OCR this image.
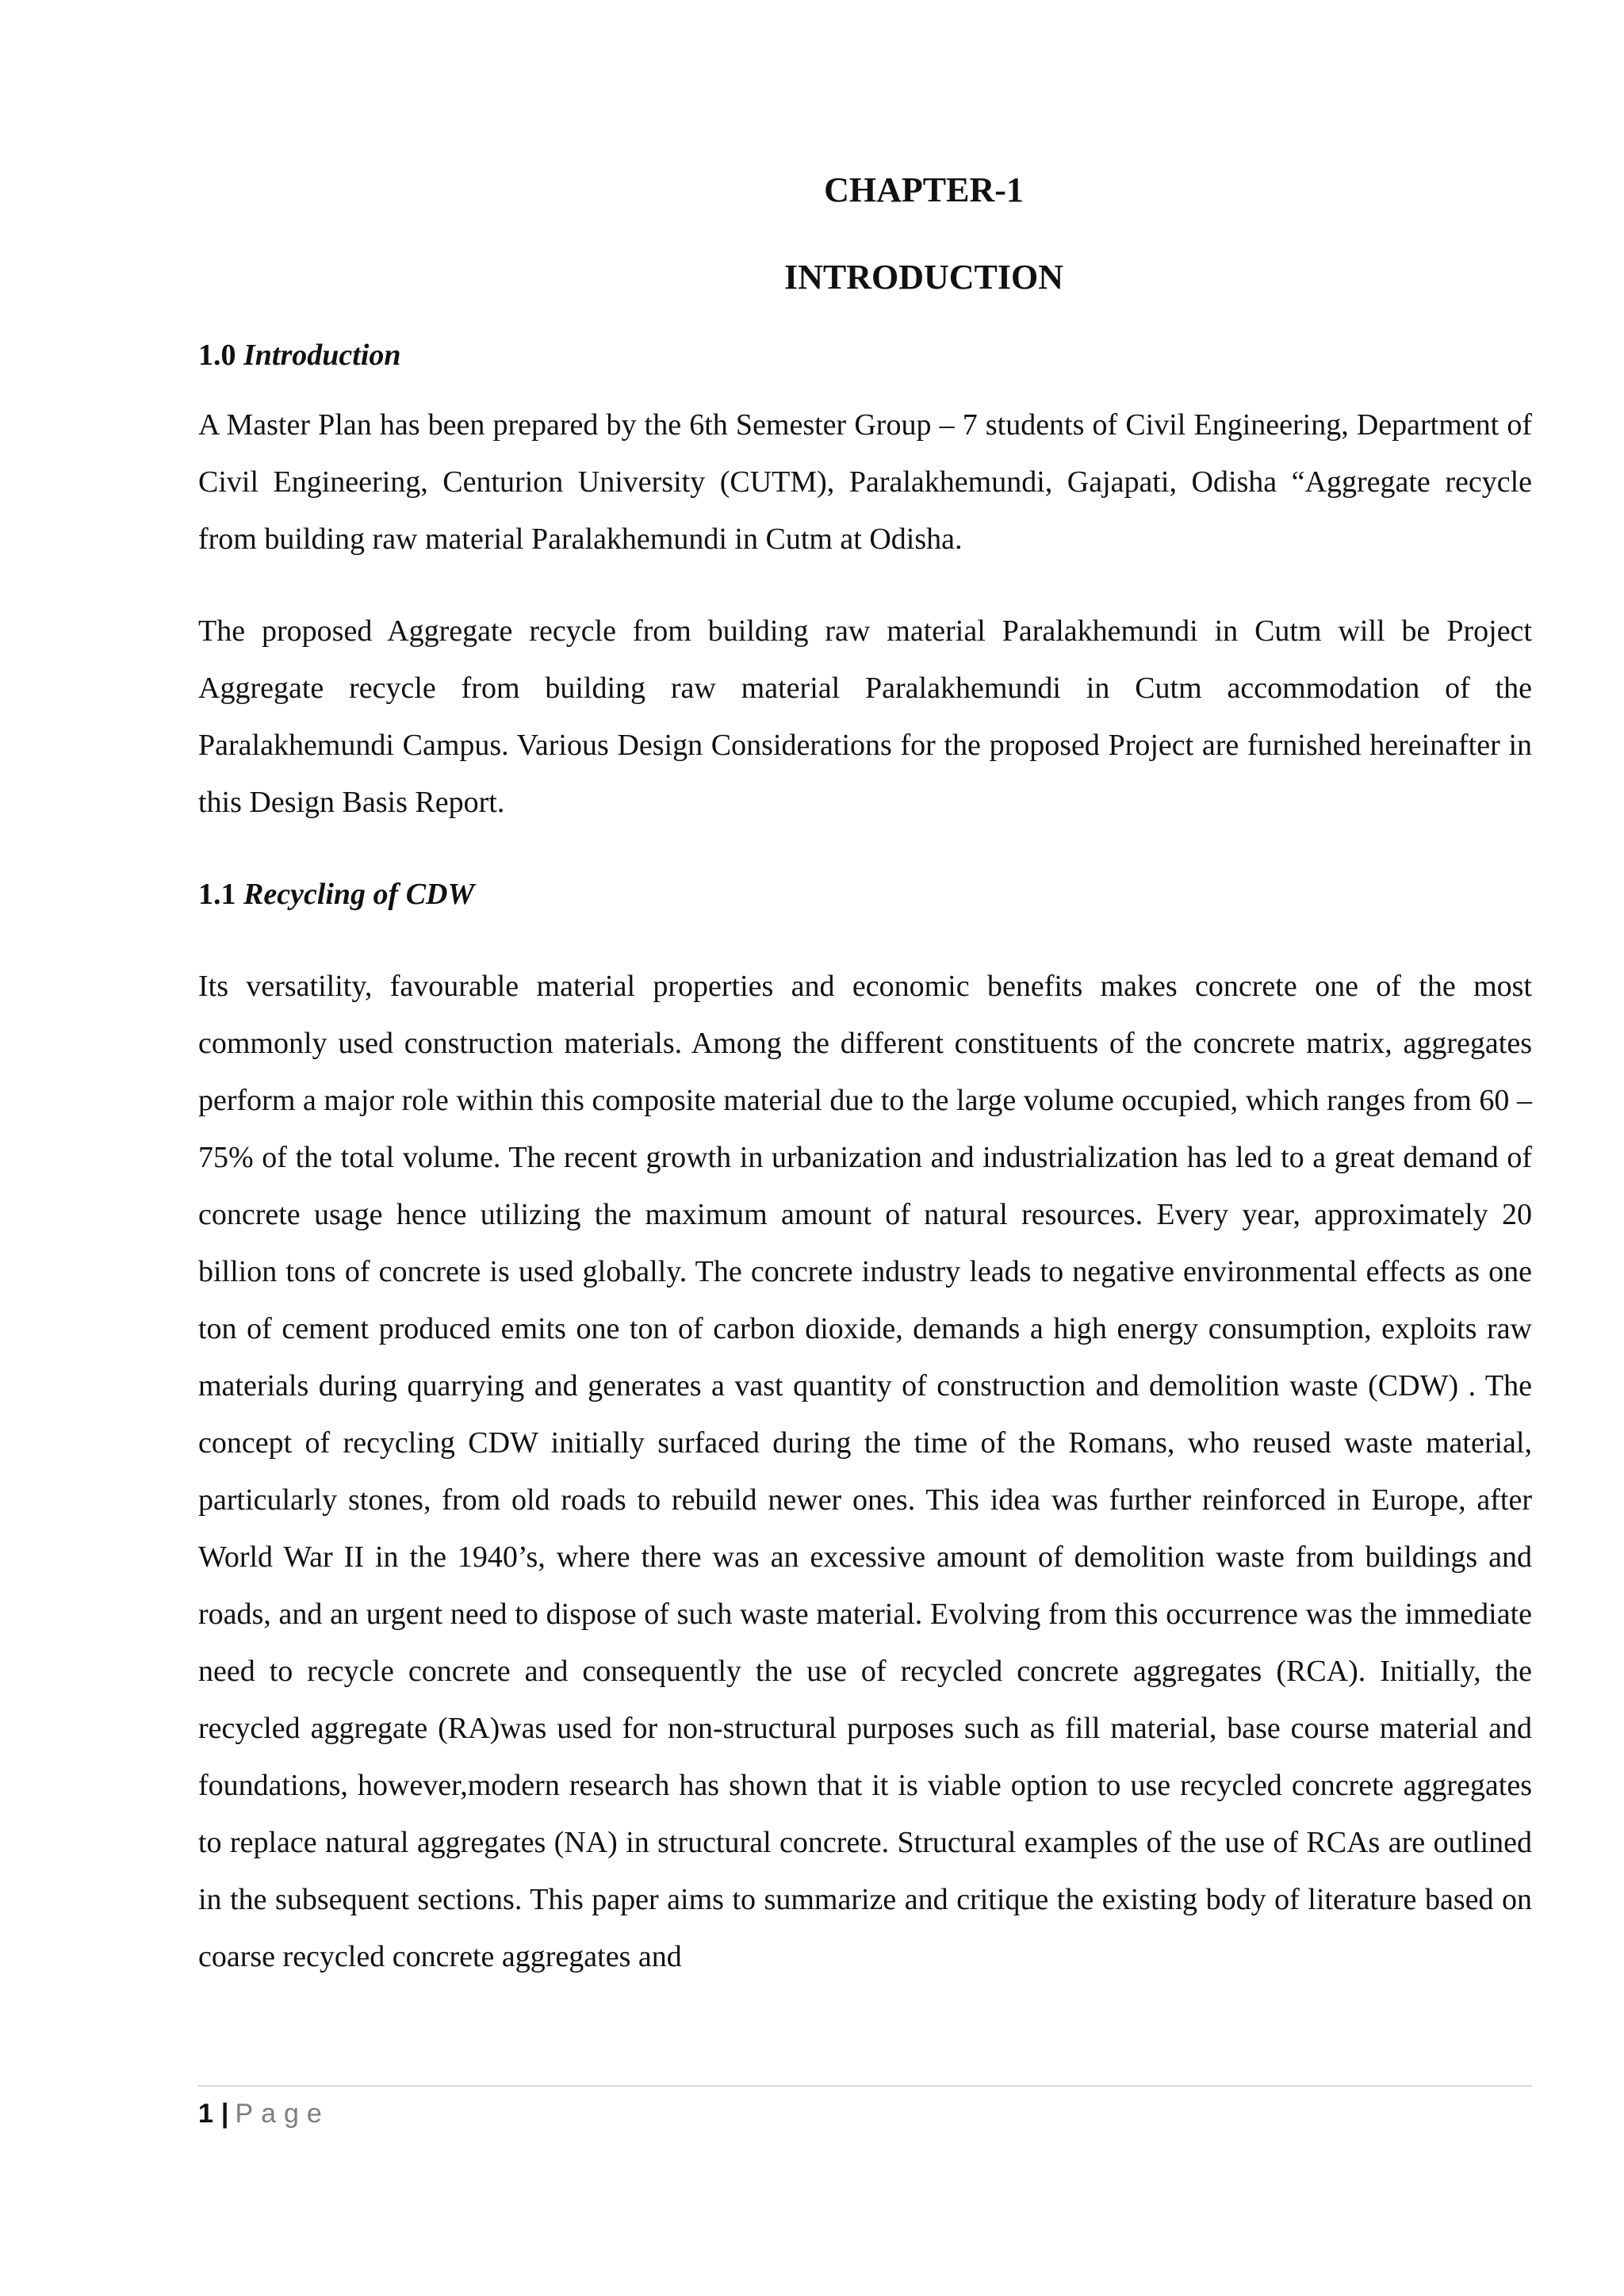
CHAPTER-1
INTRODUCTION
1.0 Introduction

A Master Plan has been prepared by the 6th Semester Group – 7 students of Civil Engineering, Department of Civil Engineering, Centurion University (CUTM), Paralakhemundi, Gajapati, Odisha “Aggregate recycle from building raw material Paralakhemundi in Cutm at Odisha.

The proposed Aggregate recycle from building raw material Paralakhemundi in Cutm will be Project Aggregate recycle from building raw material Paralakhemundi in Cutm accommodation of the Paralakhemundi Campus. Various Design Considerations for the proposed Project are furnished hereinafter in this Design Basis Report.

1.1 Recycling of CDW

Its versatility, favourable material properties and economic benefits makes concrete one of the most commonly used construction materials. Among the different constituents of the concrete matrix, aggregates perform a major role within this composite material due to the large volume occupied, which ranges from 60 – 75% of the total volume. The recent growth in urbanization and industrialization has led to a great demand of concrete usage hence utilizing the maximum amount of natural resources. Every year, approximately 20 billion tons of concrete is used globally. The concrete industry leads to negative environmental effects as one ton of cement produced emits one ton of carbon dioxide, demands a high energy consumption, exploits raw materials during quarrying and generates a vast quantity of construction and demolition waste (CDW) . The concept of recycling CDW initially surfaced during the time of the Romans, who reused waste material, particularly stones, from old roads to rebuild newer ones. This idea was further reinforced in Europe, after World War II in the 1940’s, where there was an excessive amount of demolition waste from buildings and roads, and an urgent need to dispose of such waste material. Evolving from this occurrence was the immediate need to recycle concrete and consequently the use of recycled concrete aggregates (RCA). Initially, the recycled aggregate (RA)was used for non-structural purposes such as fill material, base course material and foundations, however,modern research has shown that it is viable option to use recycled concrete aggregates to replace natural aggregates (NA) in structural concrete. Structural examples of the use of RCAs are outlined in the subsequent sections. This paper aims to summarize and critique the existing body of literature based on coarse recycled concrete aggregates and

1 | Page
